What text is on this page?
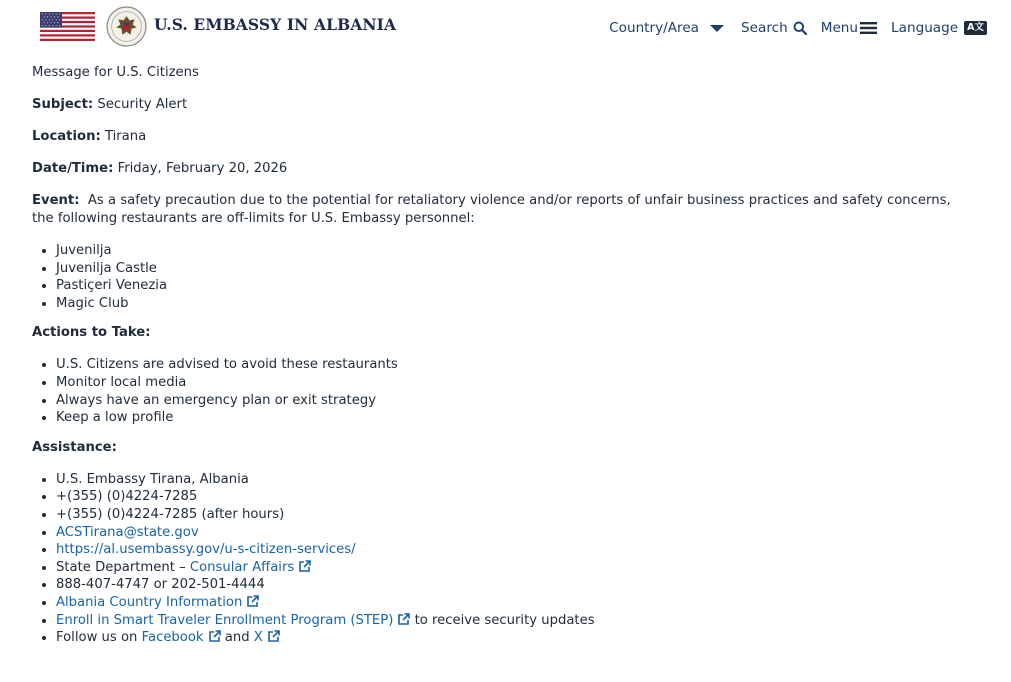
U.S. EMBASSY IN ALBANIA	Country/Area	Search Menu Language A文

Message for U.S. Citizens

Subject: Security Alert

Location: Tirana

Date/Time: Friday, February 20, 2026

Event: As a safety precaution due to the potential for retaliatory violence and/or reports of unfair business practices and safety concerns, the following restaurants are off-limits for U.S. Embassy personnel:

• Juvenilja
• Juvenilja Castle
• Pastiçeri Venezia
• Magic Club

Actions to Take:

• U.S. Citizens are advised to avoid these restaurants
• Monitor local media
• Always have an emergency plan or exit strategy
• Keep a low profile

Assistance:

• U.S. Embassy Tirana, Albania
• +(355) (0)4224-7285
• +(355) (0)4224-7285 (after hours)
• ACSTirana@state.gov
• https://al.usembassy.gov/u-s-citizen-services/
• State Department – Consular Affairs
• 888-407-4747 or 202-501-4444
• Albania Country Information
• Enroll in Smart Traveler Enrollment Program (STEP) to receive security updates
• Follow us on Facebook and X
